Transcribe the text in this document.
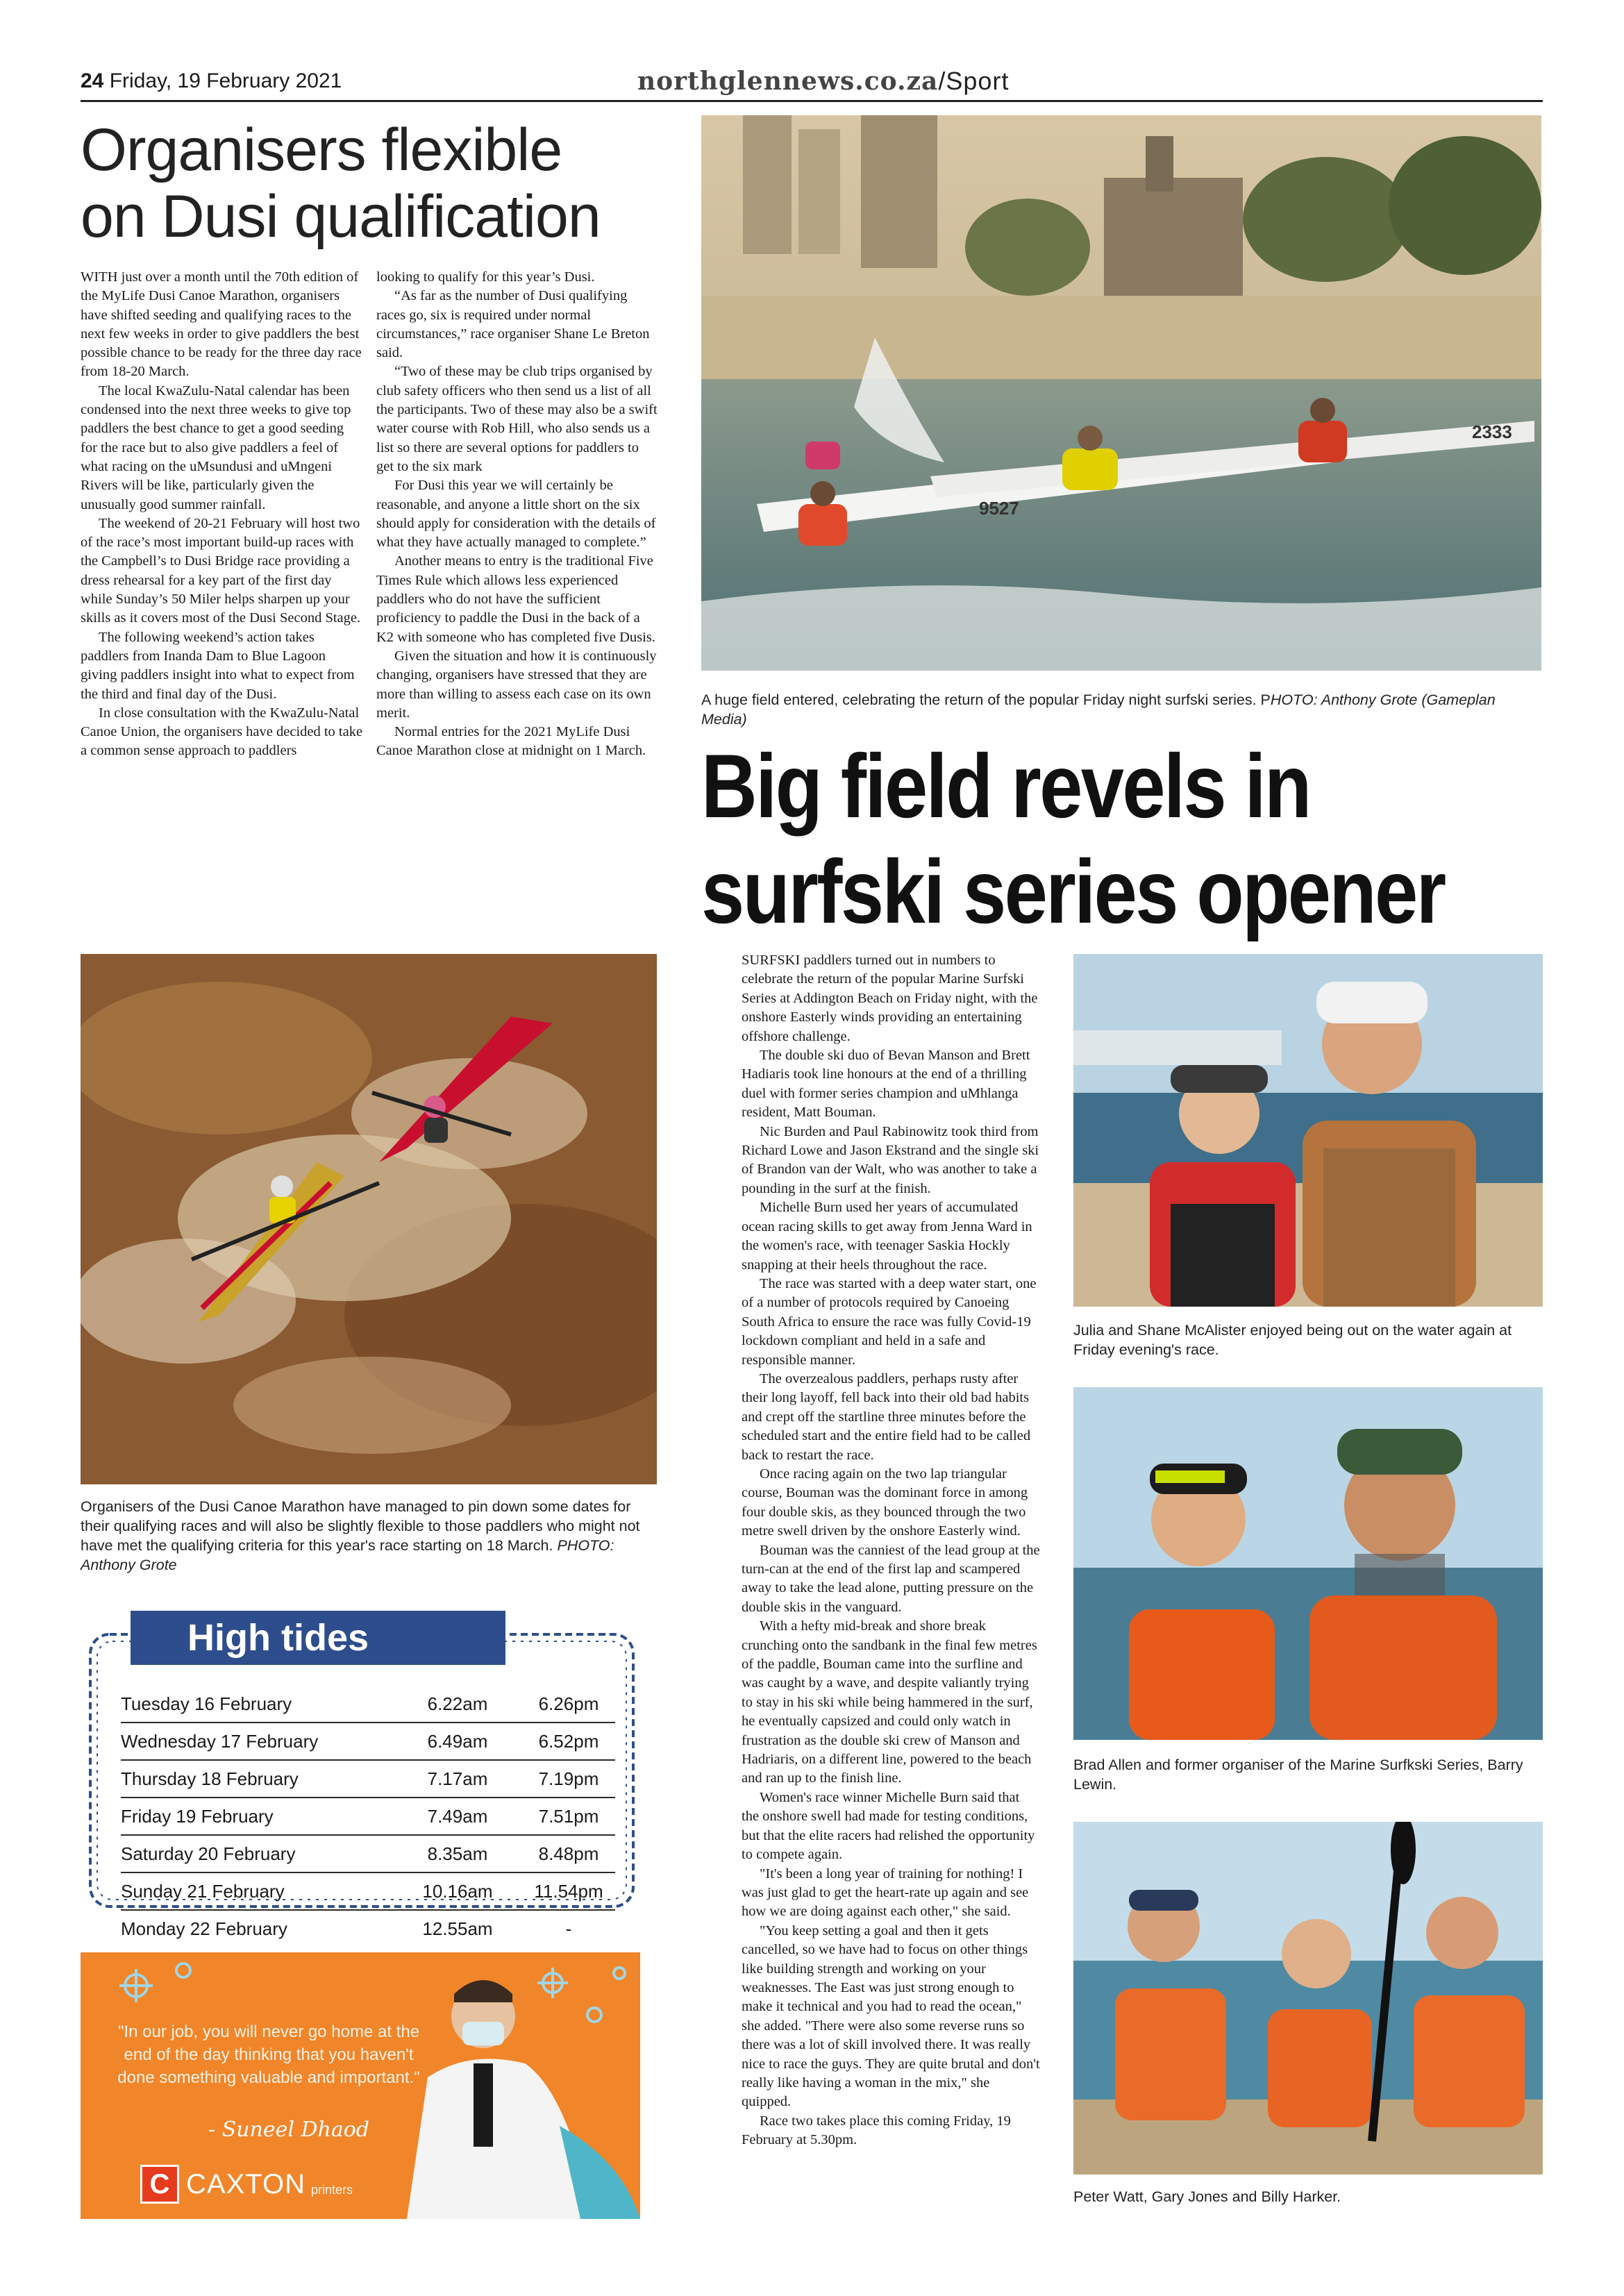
24 Friday, 19 February 2021	northglennews.co.za/Sport
Organisers flexible
on Dusi qualification

WITH just over a month until the 70th edition of the MyLife Dusi Canoe Marathon, organisers have shifted seeding and qualifying races to the next few weeks in order to give paddlers the best possible chance to be ready for the three day race from 18-20 March.

The local KwaZulu-Natal calendar has been condensed into the next three weeks to give top paddlers the best chance to get a good seeding for the race but to also give paddlers a feel of what racing on the uMsundusi and uMngeni Rivers will be like, particularly given the unusually good summer rainfall.

The weekend of 20-21 February will host two of the race’s most important build-up races with the Campbell’s to Dusi Bridge race providing a dress rehearsal for a key part of the first day while Sunday’s 50 Miler helps sharpen up your skills as it covers most of the Dusi Second Stage.

The following weekend’s action takes paddlers from Inanda Dam to Blue Lagoon giving paddlers insight into what to expect from the third and final day of the Dusi.

In close consultation with the KwaZulu-Natal Canoe Union, the organisers have decided to take a common sense approach to paddlers

looking to qualify for this year’s Dusi.

“As far as the number of Dusi qualifying races go, six is required under normal circumstances,” race organiser Shane Le Breton said.

“Two of these may be club trips organised by club safety officers who then send us a list of all the participants. Two of these may also be a swift water course with Rob Hill, who also sends us a list so there are several options for paddlers to get to the six mark

For Dusi this year we will certainly be reasonable, and anyone a little short on the six should apply for consideration with the details of what they have actually managed to complete.”

Another means to entry is the traditional Five Times Rule which allows less experienced paddlers who do not have the sufficient proficiency to paddle the Dusi in the back of a K2 with someone who has completed five Dusis.

Given the situation and how it is continuously changing, organisers have stressed that they are more than willing to assess each case on its own merit.

Normal entries for the 2021 MyLife Dusi Canoe Marathon close at midnight on 1 March.

2333
9527
A huge field entered, celebrating the return of the popular Friday night surfski series. PHOTO: Anthony Grote (Gameplan Media)
Big field revels in
surfski series opener
Organisers of the Dusi Canoe Marathon have managed to pin down some dates for their qualifying races and will also be slightly flexible to those paddlers who might not have met the qualifying criteria for this year's race starting on 18 March. PHOTO: Anthony Grote

SURFSKI paddlers turned out in numbers to celebrate the return of the popular Marine Surfski Series at Addington Beach on Friday night, with the onshore Easterly winds providing an entertaining offshore challenge.

The double ski duo of Bevan Manson and Brett Hadiaris took line honours at the end of a thrilling duel with former series champion and uMhlanga resident, Matt Bouman.

Nic Burden and Paul Rabinowitz took third from Richard Lowe and Jason Ekstrand and the single ski of Brandon van der Walt, who was another to take a pounding in the surf at the finish.

Michelle Burn used her years of accumulated ocean racing skills to get away from Jenna Ward in the women's race, with teenager Saskia Hockly snapping at their heels throughout the race.

The race was started with a deep water start, one of a number of protocols required by Canoeing South Africa to ensure the race was fully Covid-19 lockdown compliant and held in a safe and responsible manner.

The overzealous paddlers, perhaps rusty after their long layoff, fell back into their old bad habits and crept off the startline three minutes before the scheduled start and the entire field had to be called back to restart the race.

Once racing again on the two lap triangular course, Bouman was the dominant force in among four double skis, as they bounced through the two metre swell driven by the onshore Easterly wind.

Bouman was the canniest of the lead group at the turn-can at the end of the first lap and scampered away to take the lead alone, putting pressure on the double skis in the vanguard.

With a hefty mid-break and shore break crunching onto the sandbank in the final few metres of the paddle, Bouman came into the surfline and was caught by a wave, and despite valiantly trying to stay in his ski while being hammered in the surf, he eventually capsized and could only watch in frustration as the double ski crew of Manson and Hadriaris, on a different line, powered to the beach and ran up to the finish line.

Women's race winner Michelle Burn said that the onshore swell had made for testing conditions, but that the elite racers had relished the opportunity to compete again.

"It's been a long year of training for nothing! I was just glad to get the heart-rate up again and see how we are doing against each other," she said.

"You keep setting a goal and then it gets cancelled, so we have had to focus on other things like building strength and working on your weaknesses. The East was just strong enough to make it technical and you had to read the ocean," she added. "There were also some reverse runs so there was a lot of skill involved there. It was really nice to race the guys. They are quite brutal and don't really like having a woman in the mix," she quipped.

Race two takes place this coming Friday, 19 February at 5.30pm.

Julia and Shane McAlister enjoyed being out on the water again at Friday evening's race.
Brad Allen and former organiser of the Marine Surfkski Series, Barry Lewin.
Peter Watt, Gary Jones and Billy Harker.
High tides
Tuesday 16 February	6.22am	6.26pm
Wednesday 17 February	6.49am	6.52pm
Thursday 18 February	7.17am	7.19pm
Friday 19 February	7.49am	7.51pm
Saturday 20 February	8.35am	8.48pm
Sunday 21 February	10.16am	11.54pm
Monday 22 February	12.55am	-
"In our job, you will never go home at the end of the day thinking that you haven't done something valuable and important."
- Suneel Dhaod
C CAXTON printers
